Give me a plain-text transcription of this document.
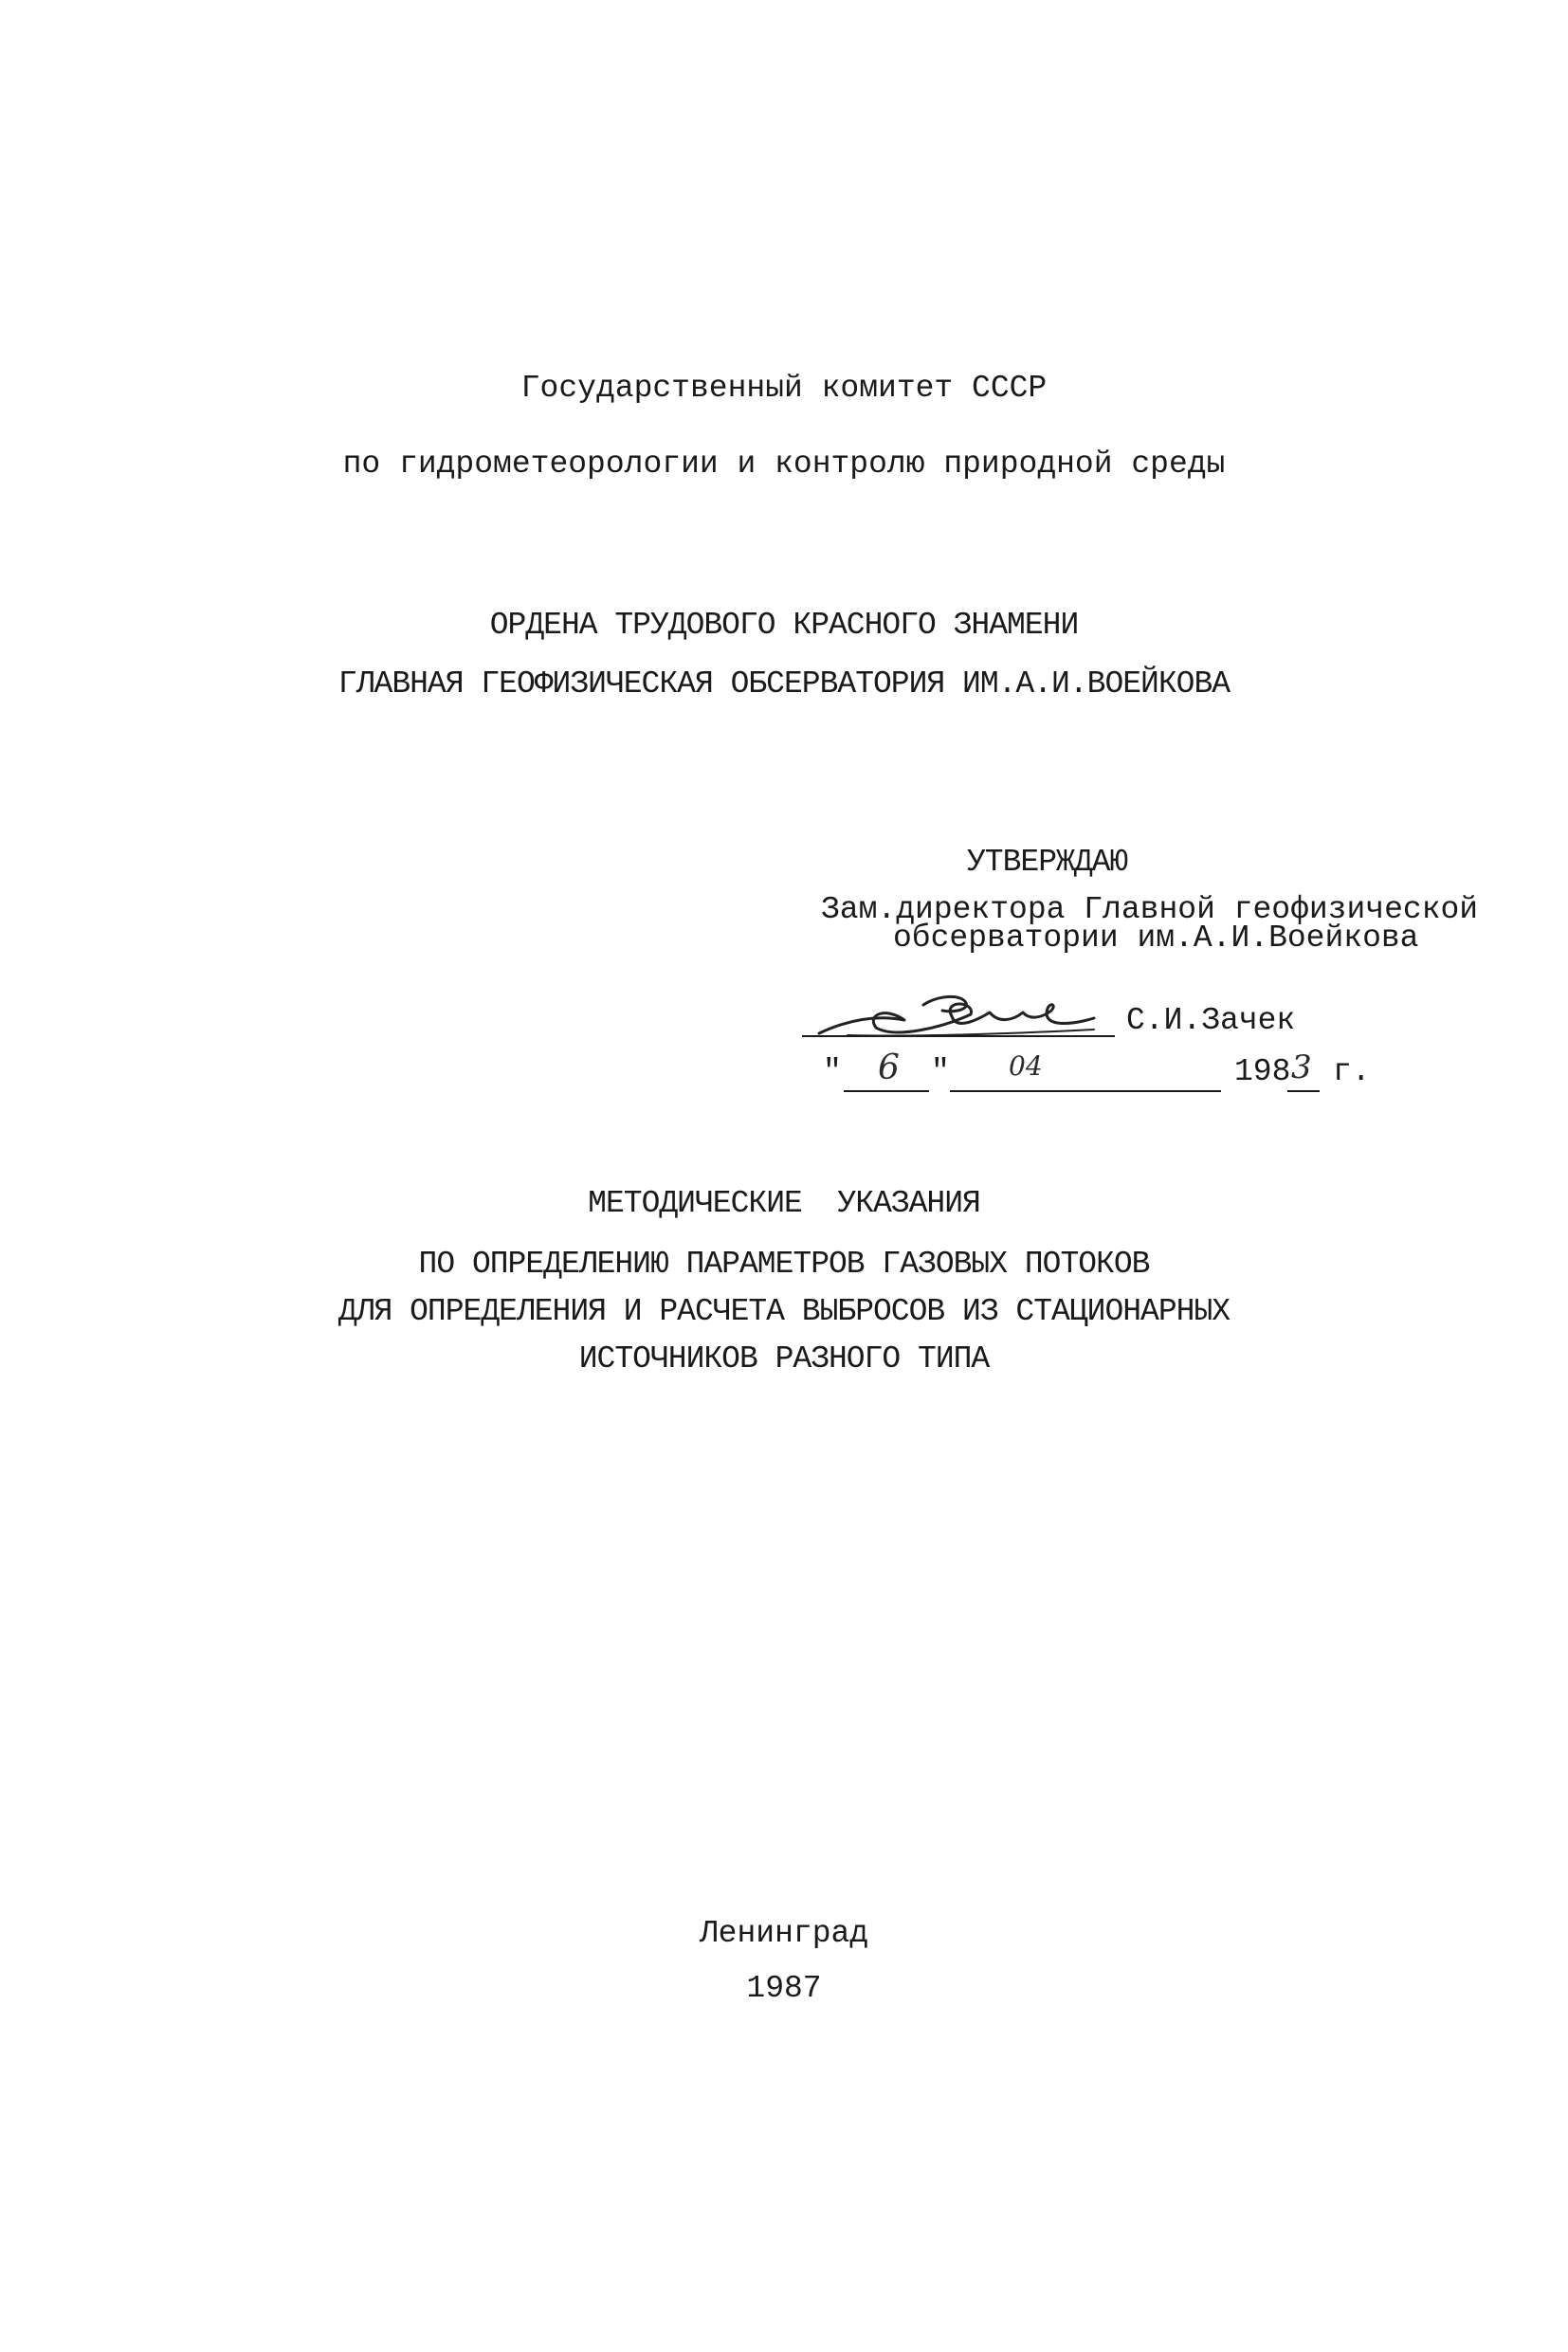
Государственный комитет СССР
по гидрометеорологии и контролю природной среды
ОРДЕНА ТРУДОВОГО КРАСНОГО ЗНАМЕНИ
ГЛАВНАЯ ГЕОФИЗИЧЕСКАЯ ОБСЕРВАТОРИЯ ИМ.А.И.ВОЕЙКОВА
УТВЕРЖДАЮ
Зам.директора Главной геофизической
обсерватории им.А.И.Воейкова
Зачек
С.И.Зачек
" 6 " 04	198 3 г.
МЕТОДИЧЕСКИЕ  УКАЗАНИЯ
ПО ОПРЕДЕЛЕНИЮ ПАРАМЕТРОВ ГАЗОВЫХ ПОТОКОВ
ДЛЯ ОПРЕДЕЛЕНИЯ И РАСЧЕТА ВЫБРОСОВ ИЗ СТАЦИОНАРНЫХ
ИСТОЧНИКОВ РАЗНОГО ТИПА
Ленинград
1987
